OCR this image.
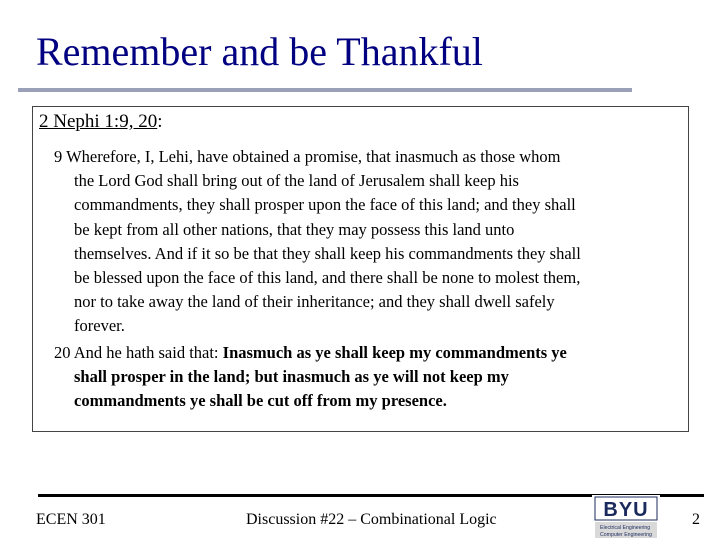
Remember and be Thankful
2 Nephi 1:9, 20:
9 Wherefore, I, Lehi, have obtained a promise, that inasmuch as those whom
the Lord God shall bring out of the land of Jerusalem shall keep his
commandments, they shall prosper upon the face of this land; and they shall
be kept from all other nations, that they may possess this land unto
themselves. And if it so be that they shall keep his commandments they shall
be blessed upon the face of this land, and there shall be none to molest them,
nor to take away the land of their inheritance; and they shall dwell safely
forever.
20 And he hath said that: Inasmuch as ye shall keep my commandments ye
shall prosper in the land; but inasmuch as ye will not keep my
commandments ye shall be cut off from my presence.
ECEN 301	Discussion #22 – Combinational Logic	BYU
Electrical Engineering
Computer Engineering
2
